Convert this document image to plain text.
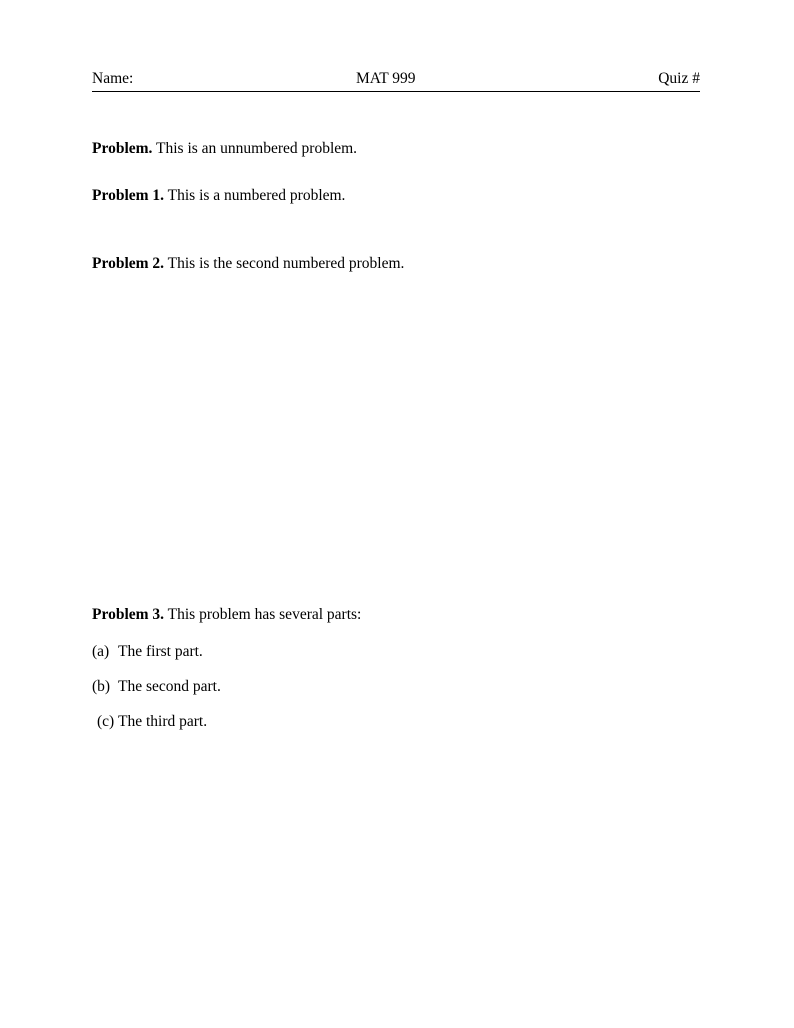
Name:	MAT 999	Quiz #

Problem. This is an unnumbered problem.

Problem 1. This is a numbered problem.

Problem 2. This is the second numbered problem.

Problem 3. This problem has several parts:

(a) The first part.
(b) The second part.
(c) The third part.
